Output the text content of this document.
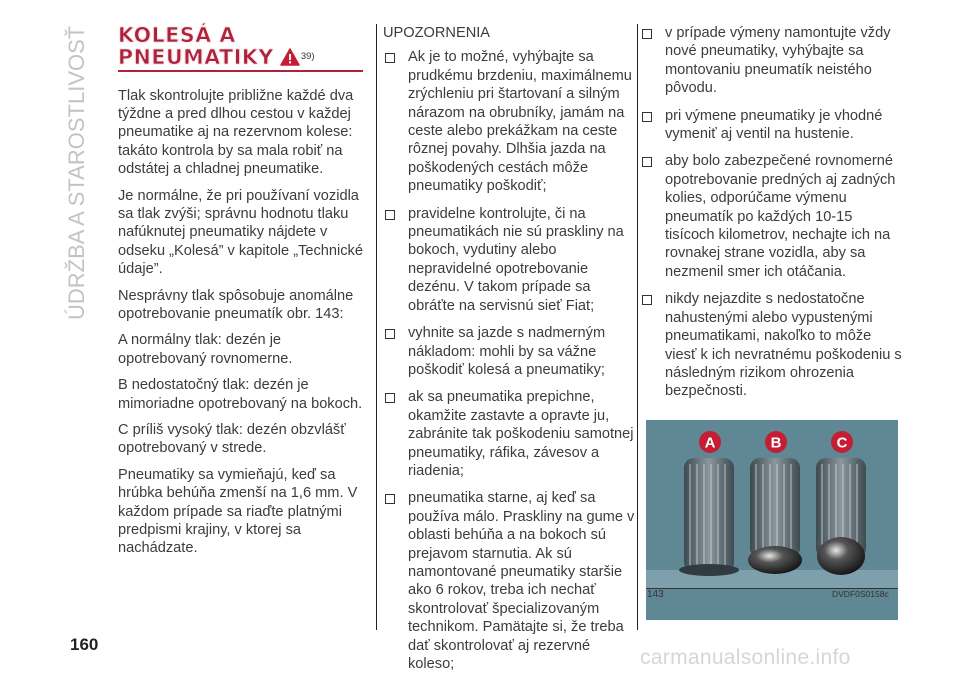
ÚDRŽBA A STAROSTLIVOSŤ KOLESÁ A
PNEUMATIKY	39)

Tlak skontrolujte približne každé dva týždne a pred dlhou cestou v každej pneumatike aj na rezervnom kolese: takáto kontrola by sa mala robiť na odstátej a chladnej pneumatike.

Je normálne, že pri používaní vozidla sa tlak zvýši; správnu hodnotu tlaku nafúknutej pneumatiky nájdete v odseku „Kolesá” v kapitole „Technické údaje”.

Nesprávny tlak spôsobuje anomálne opotrebovanie pneumatík obr. 143:

A normálny tlak: dezén je opotrebovaný rovnomerne.

B nedostatočný tlak: dezén je mimoriadne opotrebovaný na bokoch.

C príliš vysoký tlak: dezén obzvlášť opotrebovaný v strede.

Pneumatiky sa vymieňajú, keď sa hrúbka behúňa zmenší na 1,6 mm. V každom prípade sa riaďte platnými predpismi krajiny, v ktorej sa nachádzate.

UPOZORNENIA

Ak je to možné, vyhýbajte sa prudkému brzdeniu, maximálnemu zrýchleniu pri štartovaní a silným nárazom na obrubníky, jamám na ceste alebo prekážkam na ceste rôznej povahy. Dlhšia jazda na poškodených cestách môže pneumatiky poškodiť;
pravidelne kontrolujte, či na pneumatikách nie sú praskliny na bokoch, vydutiny alebo nepravidelné opotrebovanie dezénu. V takom prípade sa obráťte na servisnú sieť Fiat;
vyhnite sa jazde s nadmerným nákladom: mohli by sa vážne poškodiť kolesá a pneumatiky;
ak sa pneumatika prepichne, okamžite zastavte a opravte ju, zabránite tak poškodeniu samotnej pneumatiky, ráfika, závesov a riadenia;
pneumatika starne, aj keď sa používa málo. Praskliny na gume v oblasti behúňa a na bokoch sú prejavom starnutia. Ak sú namontované pneumatiky staršie ako 6 rokov, treba ich nechať skontrolovať špecializovaným technikom. Pamätajte si, že treba dať skontrolovať aj rezervné koleso;
v prípade výmeny namontujte vždy nové pneumatiky, vyhýbajte sa montovaniu pneumatík neistého pôvodu.
pri výmene pneumatiky je vhodné vymeniť aj ventil na hustenie.
aby bolo zabezpečené rovnomerné opotrebovanie predných aj zadných kolies, odporúčame výmenu pneumatík po každých 10-15 tisícoch kilometrov, nechajte ich na rovnakej strane vozidla, aby sa nezmenil smer ich otáčania.
nikdy nejazdite s nedostatočne nahustenými alebo vypustenými pneumatikami, nakoľko to môže viesť k ich nevratnému poškodeniu s následným rizikom ohrozenia bezpečnosti.
A	B	C
143	DVDF0S0158c
160
carmanualsonline.info
